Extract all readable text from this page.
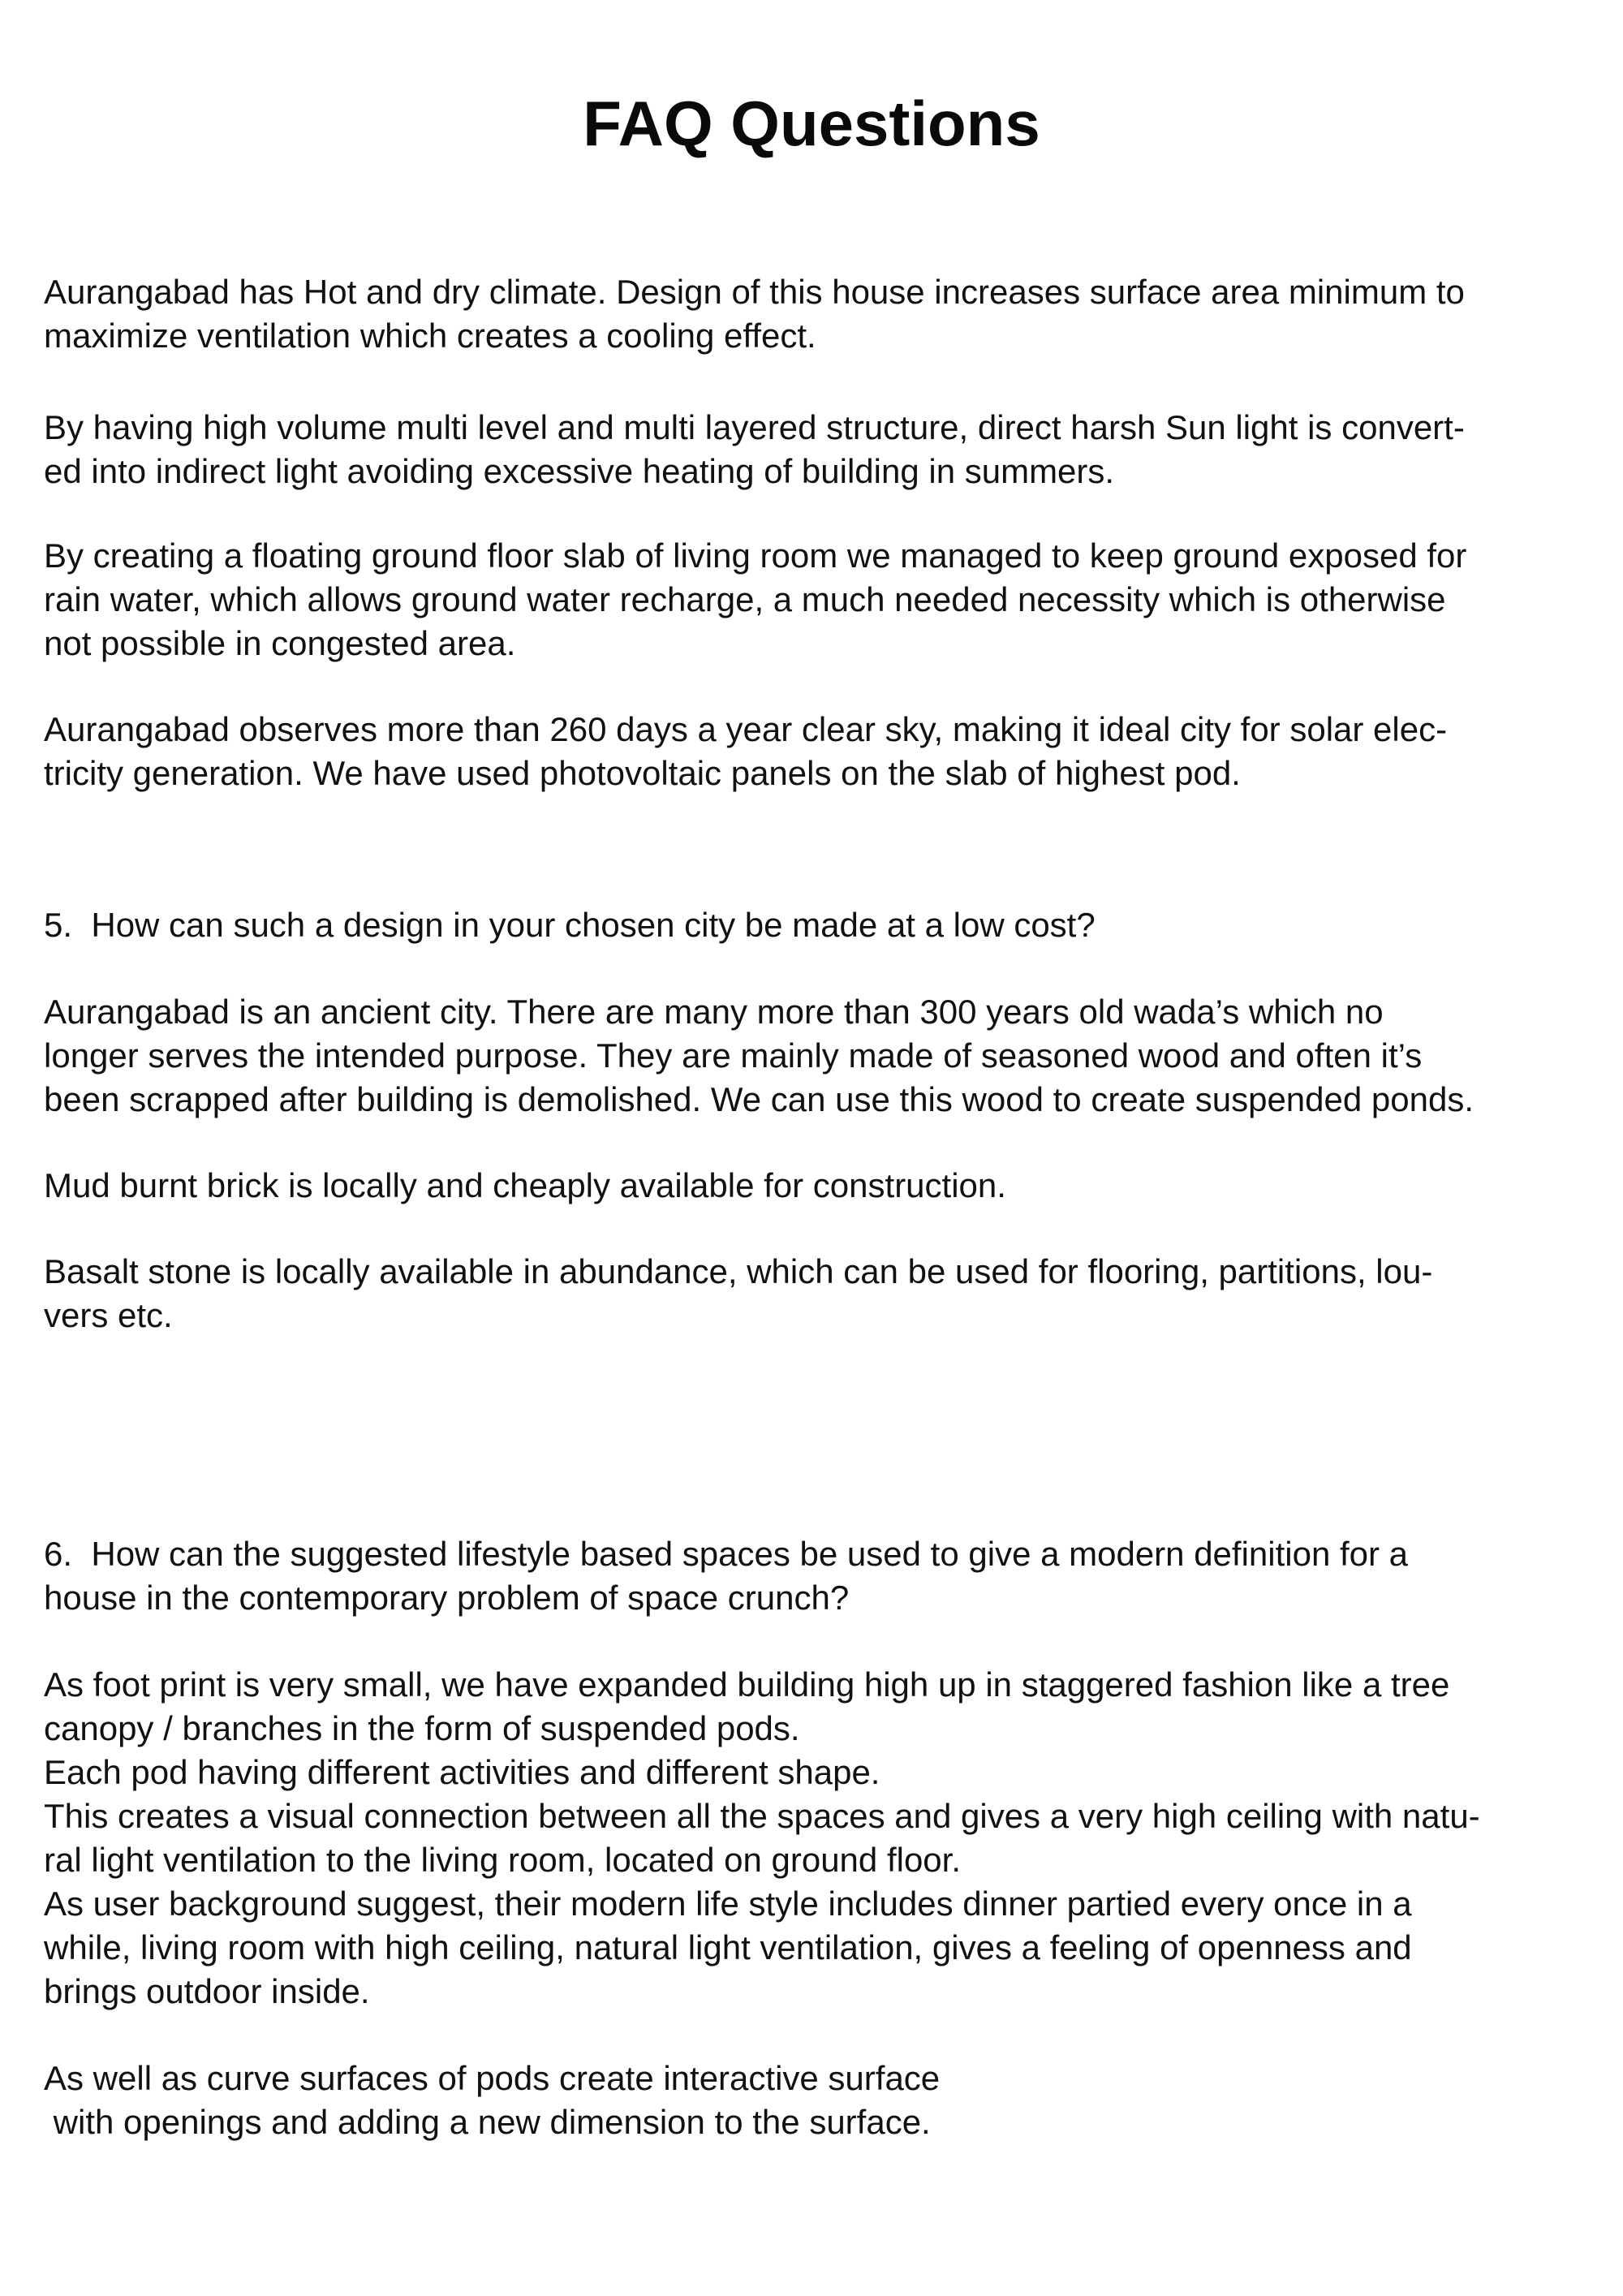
FAQ Questions

Aurangabad has Hot and dry climate. Design of this house increases surface area minimum to
maximize ventilation which creates a cooling effect.

By having high volume multi level and multi layered structure, direct harsh Sun light is convert-
ed into indirect light avoiding excessive heating of building in summers.

By creating a floating ground floor slab of living room we managed to keep ground exposed for
rain water, which allows ground water recharge, a much needed necessity which is otherwise
not possible in congested area.

Aurangabad observes more than 260 days a year clear sky, making it ideal city for solar elec-
tricity generation. We have used photovoltaic panels on the slab of highest pod.

5.  How can such a design in your chosen city be made at a low cost?

Aurangabad is an ancient city. There are many more than 300 years old wada’s which no
longer serves the intended purpose. They are mainly made of seasoned wood and often it’s
been scrapped after building is demolished. We can use this wood to create suspended ponds.

Mud burnt brick is locally and cheaply available for construction.

Basalt stone is locally available in abundance, which can be used for flooring, partitions, lou-
vers etc.

6.  How can the suggested lifestyle based spaces be used to give a modern definition for a
house in the contemporary problem of space crunch?

As foot print is very small, we have expanded building high up in staggered fashion like a tree
canopy / branches in the form of suspended pods.
Each pod having different activities and different shape.
This creates a visual connection between all the spaces and gives a very high ceiling with natu-
ral light ventilation to the living room, located on ground floor.
As user background suggest, their modern life style includes dinner partied every once in a
while, living room with high ceiling, natural light ventilation, gives a feeling of openness and
brings outdoor inside.

As well as curve surfaces of pods create interactive surface
with openings and adding a new dimension to the surface.
